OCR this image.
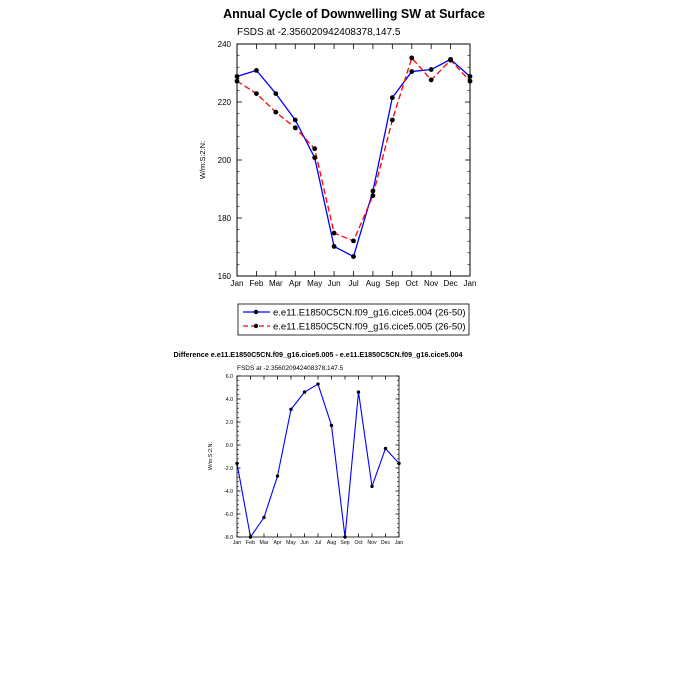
Annual Cycle of Downwelling SW at Surface
FSDS at -2.356020942408378,147.5
W/m:S:2:N:
Jan Feb Mar Apr May Jun Jul Aug Sep Oct Nov Dec Jan
160
180
200
220
240
e.e11.E1850C5CN.f09_g16.cice5.004 (26-50)
e.e11.E1850C5CN.f09_g16.cice5.005 (26-50)
Difference e.e11.E1850C5CN.f09_g16.cice5.005 - e.e11.E1850C5CN.f09_g16.cice5.004
FSDS at -2.356020942408378,147.5
W/m:S:2:N:
Jan Feb Mar Apr May Jun Jul Aug Sep Oct Nov Dec Jan
-8.0
-6.0
-4.0
-2.0
0.0
2.0
4.0
6.0
